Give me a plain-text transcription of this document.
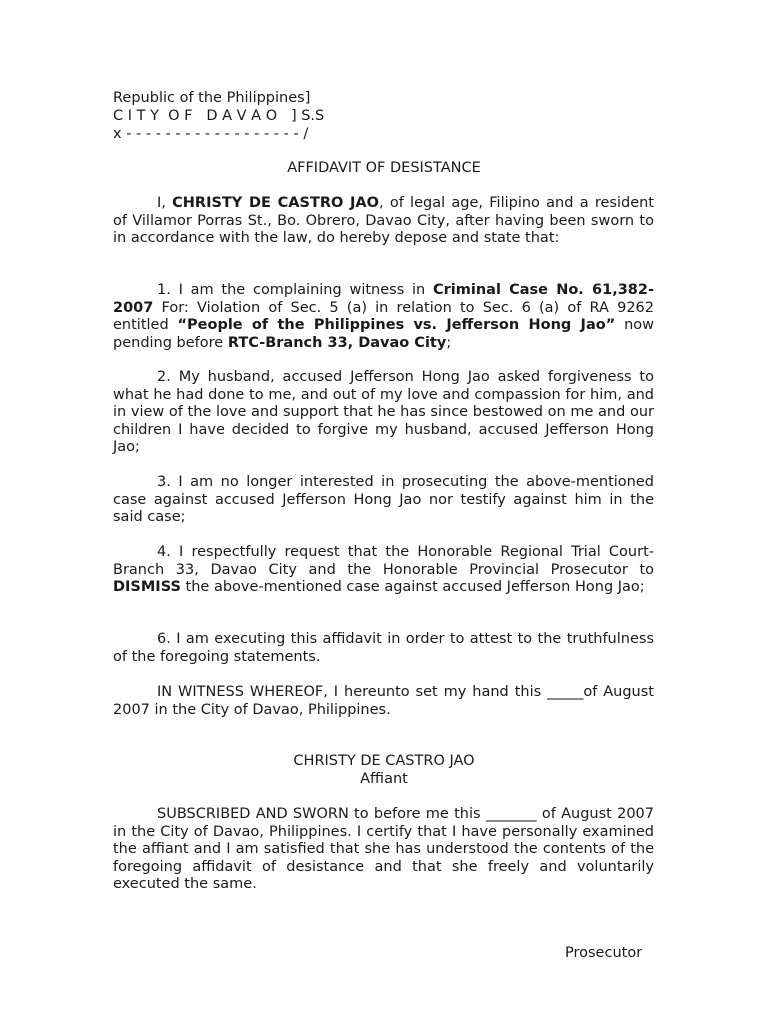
Republic of the Philippines]
C I T Y  O F   D A V A O   ] S.S
x - - - - - - - - - - - - - - - - - - /
AFFIDAVIT OF DESISTANCE

I, CHRISTY DE CASTRO JAO, of legal age, Filipino and a resident of Villamor Porras St., Bo. Obrero, Davao City, after having been sworn to in accordance with the law, do hereby depose and state that:

1. I am the complaining witness in Criminal Case No. 61,382-2007 For: Violation of Sec. 5 (a) in relation to Sec. 6 (a) of RA 9262 entitled “People of the Philippines vs. Jefferson Hong Jao” now pending before RTC-Branch 33, Davao City;

2. My husband, accused Jefferson Hong Jao asked forgiveness to what he had done to me, and out of my love and compassion for him, and in view of the love and support that he has since bestowed on me and our children I have decided to forgive my husband, accused Jefferson Hong Jao;

3. I am no longer interested in prosecuting the above-mentioned case against accused Jefferson Hong Jao nor testify against him in the said case;

4. I respectfully request that the Honorable Regional Trial Court-Branch 33, Davao City and the Honorable Provincial Prosecutor to DISMISS the above-mentioned case against accused Jefferson Hong Jao;

6. I am executing this affidavit in order to attest to the truthfulness of the foregoing statements.

IN WITNESS WHEREOF, I hereunto set my hand this _____of August 2007 in the City of Davao, Philippines.

CHRISTY DE CASTRO JAO
Affiant

SUBSCRIBED AND SWORN to before me this _______ of August 2007 in the City of Davao, Philippines. I certify that I have personally examined the affiant and I am satisfied that she has understood the contents of the foregoing affidavit of desistance and that she freely and voluntarily executed the same.

Prosecutor
